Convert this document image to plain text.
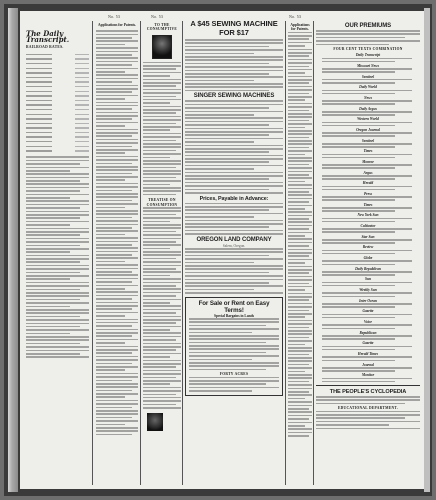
The Daily Transcript.
RAILROAD RATES.
No. 53
Applications for Patents.
No. 53
TO THE CONSUMPTIVE
TREATISE ON CONSUMPTION
A $45 SEWING MACHINE FOR $17
SINGER SEWING MACHINES
Prices, Payable in Advance:
OREGON LAND COMPANY
Salem, Oregon.
For Sale or Rent on Easy Terms!
Special Bargains in Lands
FORTY ACRES
No. 53
Applications for Patents.
OUR PREMIUMS
FOUR CENT TEXTS COMBINATION
Daily Transcript
Missouri News
Sentinel
Daily World
News
Daily Argus
Western World
Oregon Journal
Sentinel
Times
Monroe
Argus
Herald
Press
Times
New York Sun
Cultivator
Star Sun
Review
Globe
Daily Republican
Sun
Weekly Sun
Inter Ocean
Gazette
Voice
Republican
Gazette
Herald Times
Journal
Monitor
THE PEOPLE'S CYCLOPEDIA
EDUCATIONAL DEPARTMENT.
